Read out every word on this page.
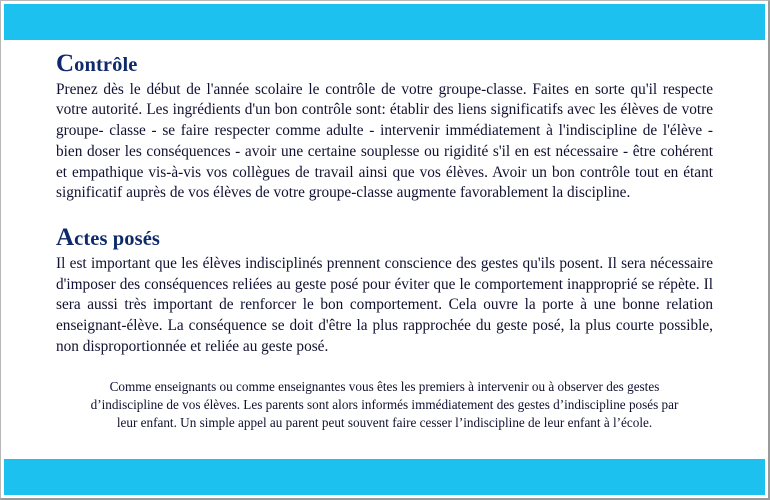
Contrôle

Prenez dès le début de l'année scolaire le contrôle de votre groupe-classe. Faites en sorte qu'il respecte votre autorité. Les ingrédients d'un bon contrôle sont: établir des liens significatifs avec les élèves de votre groupe- classe - se faire respecter comme adulte - intervenir immédiatement à l'indiscipline de l'élève - bien doser les conséquences - avoir une certaine souplesse ou rigidité s'il en est nécessaire - être cohérent et empathique vis-à-vis vos collègues de travail ainsi que vos élèves. Avoir un bon contrôle tout en étant significatif auprès de vos élèves de votre groupe-classe augmente favorablement la discipline.

Actes posés

Il est important que les élèves indisciplinés prennent conscience des gestes qu'ils posent. Il sera nécessaire d'imposer des conséquences reliées au geste posé pour éviter que le comportement inapproprié se répète. Il sera aussi très important de renforcer le bon comportement. Cela ouvre la porte à une bonne relation enseignant-élève. La conséquence se doit d'être la plus rapprochée du geste posé, la plus courte possible, non disproportionnée et reliée au geste posé.

Comme enseignants ou comme enseignantes vous êtes les premiers à intervenir ou à observer des gestes d’indiscipline de vos élèves. Les parents sont alors informés immédiatement des gestes d’indiscipline posés par leur enfant. Un simple appel au parent peut souvent faire cesser l’indiscipline de leur enfant à l’école.
